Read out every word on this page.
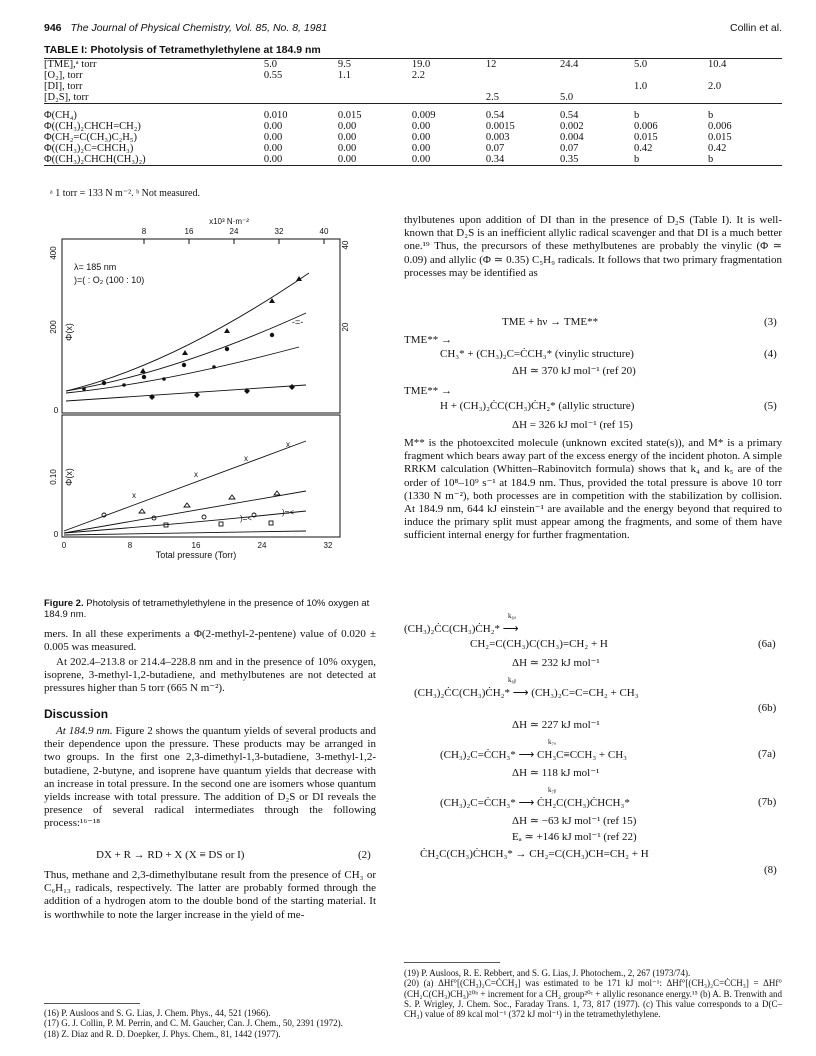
946 The Journal of Physical Chemistry, Vol. 85, No. 8, 1981	Collin et al.
TABLE I: Photolysis of Tetramethylethylene at 184.9 nm
[TME],ᵃ torr	5.0	9.5	19.0	12	24.4	5.0	10.4
[O₂], torr	0.55	1.1	2.2				
[DI], torr						1.0	2.0
[D₂S], torr				2.5	5.0		

Φ(CH₄)	0.010	0.015	0.009	0.54	0.54	b	b
Φ((CH₃)₂CHCH=CH₂)	0.00	0.00	0.00	0.0015	0.002	0.006	0.006
Φ(CH₂=C(CH₃)C₂H₅)	0.00	0.00	0.00	0.003	0.004	0.015	0.015
Φ((CH₃)₂C=CHCH₃)	0.00	0.00	0.00	0.07	0.07	0.42	0.42
Φ((CH₃)₂CHCH(CH₃)₂)	0.00	0.00	0.00	0.34	0.35	b	b
ᵃ 1 torr = 133 N m⁻². ᵇ Not measured.
x10³ N·m⁻²
8	16	24	32	40
400
200
0
40
20
Φ(x)
λ= 185 nm
)=( : O₂ (100 : 10)
-=-
0.10
0
Φ(x)
0	8	16	24	32
Total pressure (Torr)
x
x
x
x
)=<
)=<
Figure 2. Photolysis of tetramethylethylene in the presence of 10% oxygen at 184.9 nm.
mers. In all these experiments a Φ(2-methyl-2-pentene) value of 0.020 ± 0.005 was measured.
At 202.4–213.8 or 214.4–228.8 nm and in the presence of 10% oxygen, isoprene, 3-methyl-1,2-butadiene, and methylbutenes are not detected at pressures higher than 5 torr (665 N m⁻²).
Discussion
At 184.9 nm. Figure 2 shows the quantum yields of several products and their dependence upon the pressure. These products may be arranged in two groups. In the first one 2,3-dimethyl-1,3-butadiene, 3-methyl-1,2-butadiene, 2-butyne, and isoprene have quantum yields that decrease with an increase in total pressure. In the second one are isomers whose quantum yields increase with total pressure. The addition of D₂S or DI reveals the presence of several radical intermediates through the following process:¹⁶⁻¹⁸
DX + R → RD + X (X ≡ DS or I)	(2)
Thus, methane and 2,3-dimethylbutane result from the presence of CH₃ or C₆H₁₃ radicals, respectively. The latter are probably formed through the addition of a hydrogen atom to the double bond of the starting material. It is worthwhile to note the larger increase in the yield of me-
(16) P. Ausloos and S. G. Lias, J. Chem. Phys., 44, 521 (1966).
(17) G. J. Collin, P. M. Perrin, and C. M. Gaucher, Can. J. Chem., 50, 2391 (1972).
(18) Z. Diaz and R. D. Doepker, J. Phys. Chem., 81, 1442 (1977).
thylbutenes upon addition of DI than in the presence of D₂S (Table I). It is well-known that D₂S is an inefficient allylic radical scavenger and that DI is a much better one.¹⁹ Thus, the precursors of these methylbutenes are probably the vinylic (Φ ≃ 0.09) and allylic (Φ ≃ 0.35) C₅H₉ radicals. It follows that two primary fragmentation processes may be identified as
TME + hν → TME**	(3)
TME** →
CH₃* + (CH₃)₂C=ĊCH₃* (vinylic structure)	(4)
ΔH ≃ 370 kJ mol⁻¹ (ref 20)
TME** →
H + (CH₃)₂ĊC(CH₃)ĊH₂* (allylic structure)	(5)
ΔH = 326 kJ mol⁻¹ (ref 15)
M** is the photoexcited molecule (unknown excited state(s)), and M* is a primary fragment which bears away part of the excess energy of the incident photon. A simple RRKM calculation (Whitten–Rabinovitch formula) shows that k₄ and k₅ are of the order of 10⁸–10⁹ s⁻¹ at 184.9 nm. Thus, provided the total pressure is above 10 torr (1330 N m⁻²), both processes are in competition with the stabilization by collision. At 184.9 nm, 644 kJ einstein⁻¹ are available and the energy beyond that required to induce the primary split must appear among the fragments, and some of them have sufficient internal energy for further fragmentation.
(CH₃)₂ĊC(CH₃)ĊH₂* ⟶
k₆ₐ
CH₂=C(CH₃)C(CH₃)=CH₂ + H	(6a)
ΔH ≃ 232 kJ mol⁻¹
k₆ᵦ
(CH₃)₂ĊC(CH₃)ĊH₂* ⟶ (CH₃)₂C=C=CH₂ + CH₃
(6b)
ΔH ≃ 227 kJ mol⁻¹
k₇ₐ
(CH₃)₂C=ĊCH₃* ⟶ CH₃C≡CCH₃ + CH₃	(7a)
ΔH ≃ 118 kJ mol⁻¹
k₇ᵦ
(CH₃)₂C=ĊCH₃* ⟶ ĊH₂C(CH₃)ĊHCH₃*	(7b)
ΔH ≃ −63 kJ mol⁻¹ (ref 15)
Eₐ ≃ +146 kJ mol⁻¹ (ref 22)
ĊH₂C(CH₃)ĊHCH₃* → CH₂=C(CH₃)CH=CH₂ + H
(8)
(19) P. Ausloos, R. E. Rebbert, and S. G. Lias, J. Photochem., 2, 267 (1973/74).
(20) (a) ΔHf°[(CH₃)₂C=ĊCH₃] was estimated to be 171 kJ mol⁻¹: ΔHf°[(CH₃)₂C=ĊCH₃] = ΔHf°(CH₂C(CH₃)CH₃)²⁰ᵇ + increment for a CH₂ group²⁰ᶜ + allylic resonance energy.¹⁵ (b) A. B. Trenwith and S. P. Wrigley, J. Chem. Soc., Faraday Trans. 1, 73, 817 (1977). (c) This value corresponds to a D(C–CH₃) value of 89 kcal mol⁻¹ (372 kJ mol⁻¹) in the tetramethylethylene.
